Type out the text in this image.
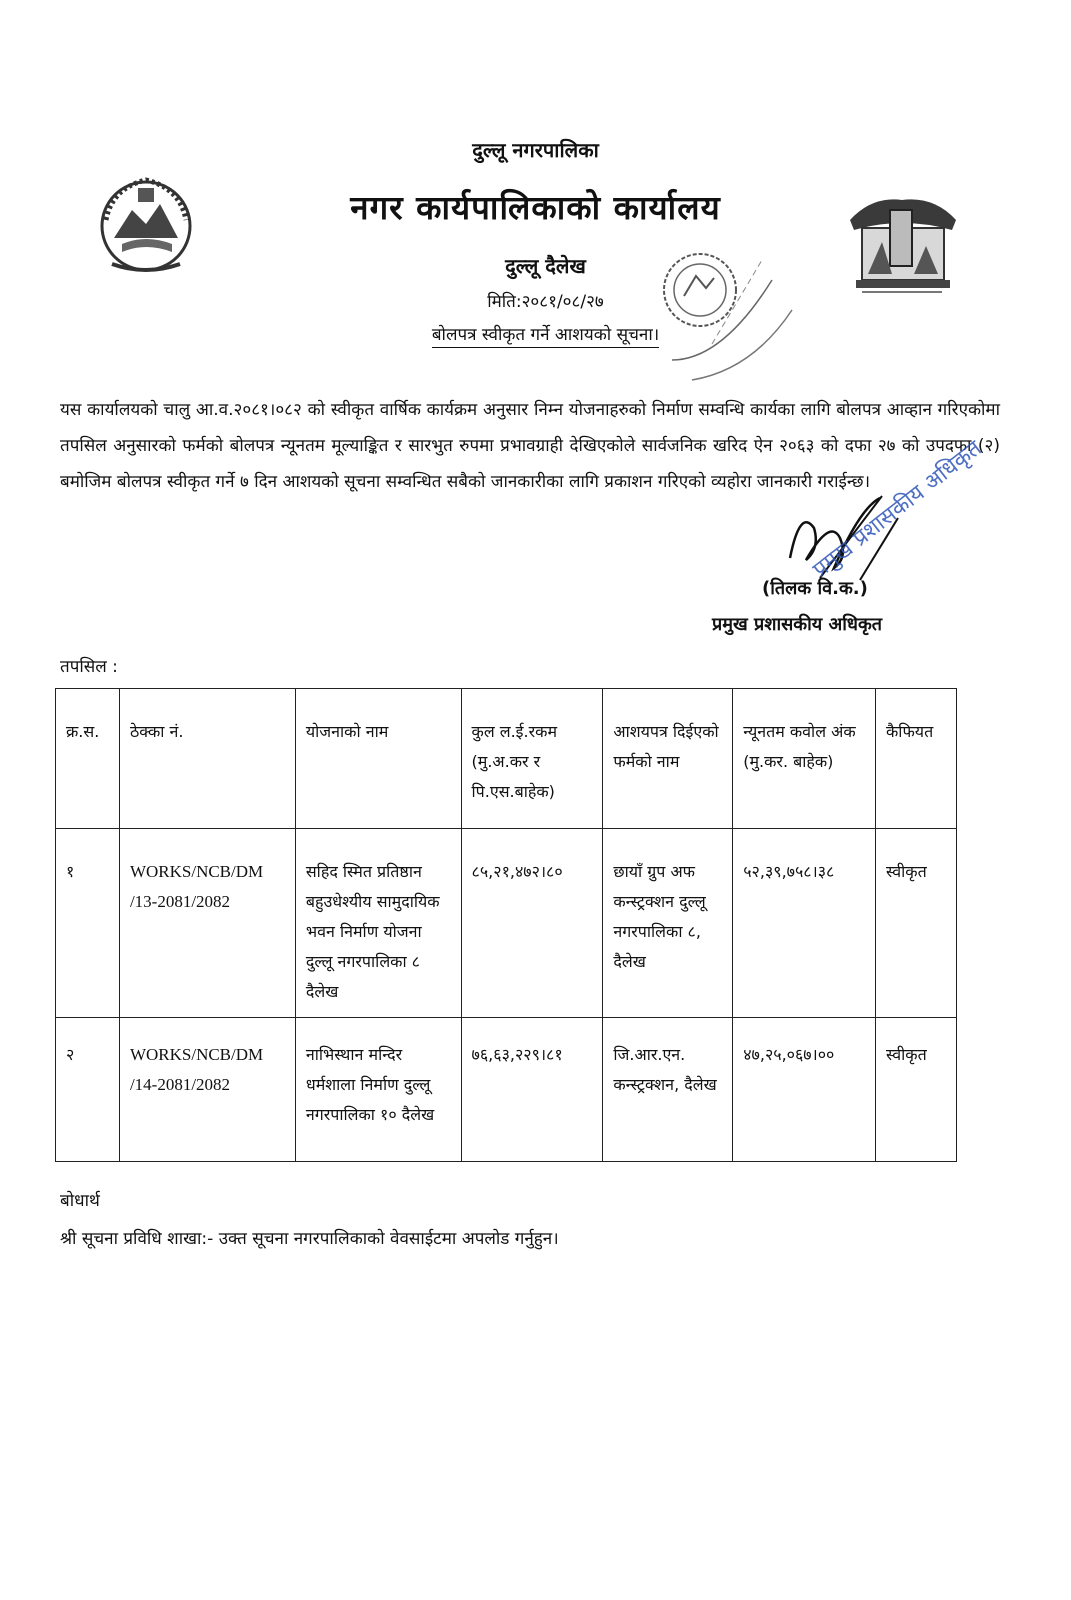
दुल्लू नगरपालिका
नगर कार्यपालिकाको कार्यालय
दुल्लू दैलेख
मिति:२०८१/०८/२७
बोलपत्र स्वीकृत गर्ने आशयको सूचना।

यस कार्यालयको चालु आ.व.२०८१।०८२ को स्वीकृत वार्षिक कार्यक्रम अनुसार निम्न योजनाहरुको निर्माण सम्वन्धि कार्यका लागि बोलपत्र आव्हान गरिएकोमा तपसिल अनुसारको फर्मको बोलपत्र न्यूनतम मूल्याङ्कित र सारभुत रुपमा प्रभावग्राही देखिएकोले सार्वजनिक खरिद ऐन २०६३ को दफा २७ को उपदफा (२) बमोजिम बोलपत्र स्वीकृत गर्ने ७ दिन आशयको सूचना सम्वन्धित सबैको जानकारीका लागि प्रकाशन गरिएको व्यहोरा जानकारी गराईन्छ।

(तिलक वि.क.)
प्रमुख प्रशासकीय अधिकृत
प्रमुख प्रशासकीय अधिकृत
तपसिल :
क्र.स.	ठेक्का नं.	योजनाको नाम	कुल ल.ई.रकम (मु.अ.कर र पि.एस.बाहेक)	आशयपत्र दिईएको फर्मको नाम	न्यूनतम कवोल अंक (मु.कर. बाहेक)	कैफियत
१	WORKS/NCB/DM /13-2081/2082	सहिद स्मित प्रतिष्ठान बहुउधेश्यीय सामुदायिक भवन निर्माण योजना दुल्लू नगरपालिका ८ दैलेख	८५,२१,४७२।८०	छायाँ ग्रुप अफ कन्स्ट्रक्शन दुल्लू नगरपालिका ८, दैलेख	५२,३९,७५८।३८	स्वीकृत
२	WORKS/NCB/DM /14-2081/2082	नाभिस्थान मन्दिर धर्मशाला निर्माण दुल्लू नगरपालिका १० दैलेख	७६,६३,२२९।८१	जि.आर.एन. कन्स्ट्रक्शन, दैलेख	४७,२५,०६७।००	स्वीकृत
बोधार्थ
श्री सूचना प्रविधि शाखा:- उक्त सूचना नगरपालिकाको वेवसाईटमा अपलोड गर्नुहुन।
